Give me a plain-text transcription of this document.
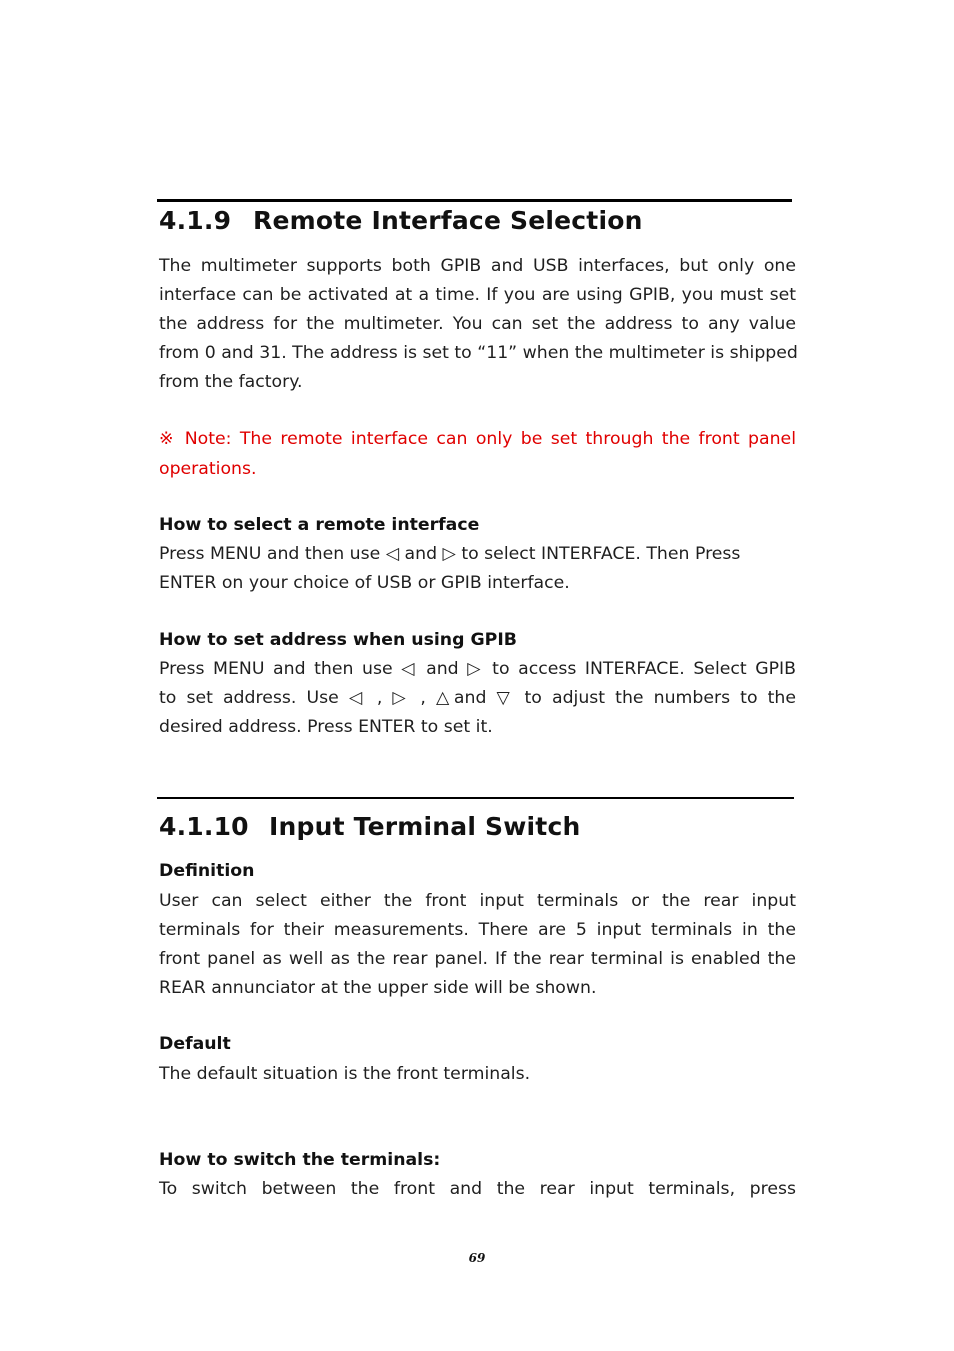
4.1.9 Remote Interface Selection
The multimeter supports both GPIB and USB interfaces, but only one
interface can be activated at a time. If you are using GPIB, you must set
the address for the multimeter. You can set the address to any value
from 0 and 31. The address is set to “11” when the multimeter is shipped
from the factory.
※ Note: The remote interface can only be set through the front panel
operations.
How to select a remote interface
Press MENU and then use ◁ and ▷ to select INTERFACE. Then Press
ENTER on your choice of USB or GPIB interface.
How to set address when using GPIB
Press MENU and then use ◁ and ▷ to access INTERFACE. Select GPIB
to set address. Use ◁ , ▷ , △and ▽ to adjust the numbers to the
desired address. Press ENTER to set it.
4.1.10 Input Terminal Switch
Definition
User can select either the front input terminals or the rear input
terminals for their measurements. There are 5 input terminals in the
front panel as well as the rear panel. If the rear terminal is enabled the
REAR annunciator at the upper side will be shown.
Default
The default situation is the front terminals.
How to switch the terminals:
To switch between the front and the rear input terminals, press
69
